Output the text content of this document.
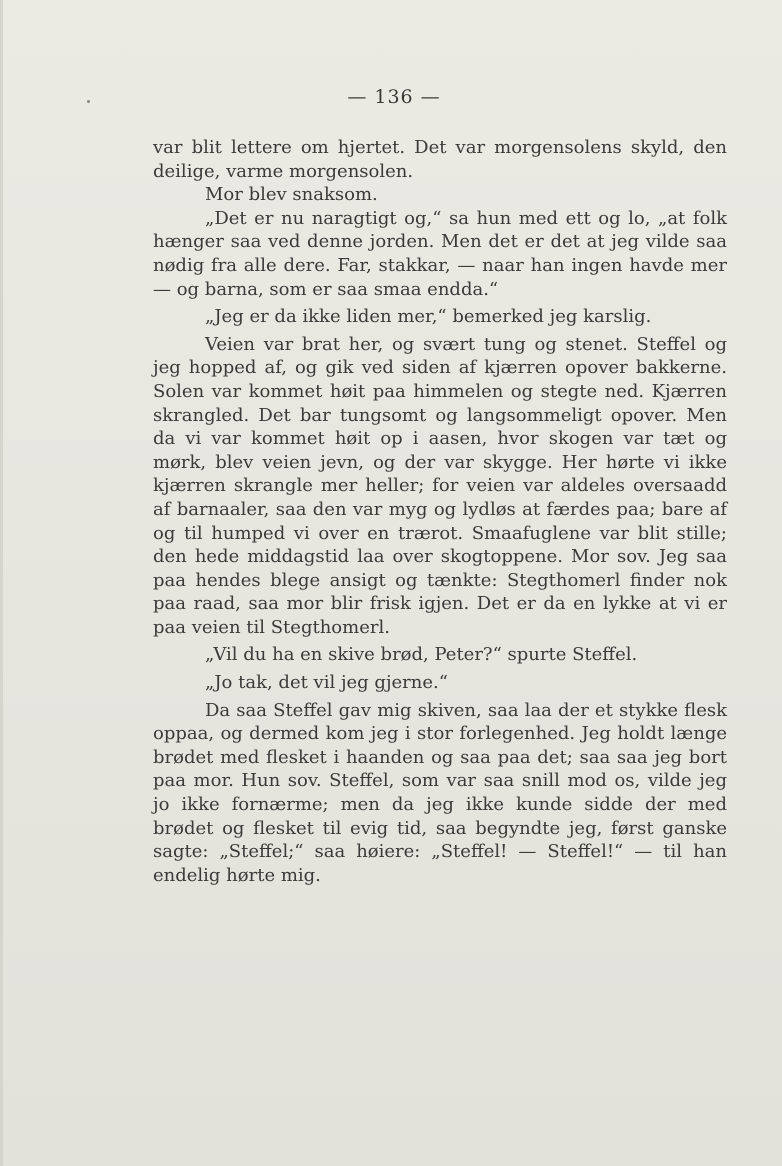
— 136 —

var blit lettere om hjertet. Det var morgensolens skyld, den deilige, varme morgensolen.

Mor blev snaksom.

„Det er nu naragtigt og,“ sa hun med ett og lo, „at folk hænger saa ved denne jorden. Men det er det at jeg vilde saa nødig fra alle dere. Far, stakkar, — naar han ingen havde mer — og barna, som er saa smaa endda.“

„Jeg er da ikke liden mer,“ bemerked jeg karslig.

Veien var brat her, og svært tung og stenet. Steffel og jeg hopped af, og gik ved siden af kjærren opover bakkerne. Solen var kommet høit paa himmelen og stegte ned. Kjærren skrangled. Det bar tungsomt og langsommeligt opover. Men da vi var kommet høit op i aasen, hvor skogen var tæt og mørk, blev veien jevn, og der var skygge. Her hørte vi ikke kjærren skrangle mer heller; for veien var aldeles oversaadd af barnaaler, saa den var myg og lydløs at færdes paa; bare af og til humped vi over en trærot. Smaafuglene var blit stille; den hede middagstid laa over skogtoppene. Mor sov. Jeg saa paa hendes blege ansigt og tænkte: Stegthomerl finder nok paa raad, saa mor blir frisk igjen. Det er da en lykke at vi er paa veien til Stegthomerl.

„Vil du ha en skive brød, Peter?“ spurte Steffel.

„Jo tak, det vil jeg gjerne.“

Da saa Steffel gav mig skiven, saa laa der et stykke flesk oppaa, og dermed kom jeg i stor forlegenhed. Jeg holdt længe brødet med flesket i haanden og saa paa det; saa saa jeg bort paa mor. Hun sov. Steffel, som var saa snill mod os, vilde jeg jo ikke fornærme; men da jeg ikke kunde sidde der med brødet og flesket til evig tid, saa begyndte jeg, først ganske sagte: „Steffel;“ saa høiere: „Steffel! — Steffel!“ — til han endelig hørte mig.
